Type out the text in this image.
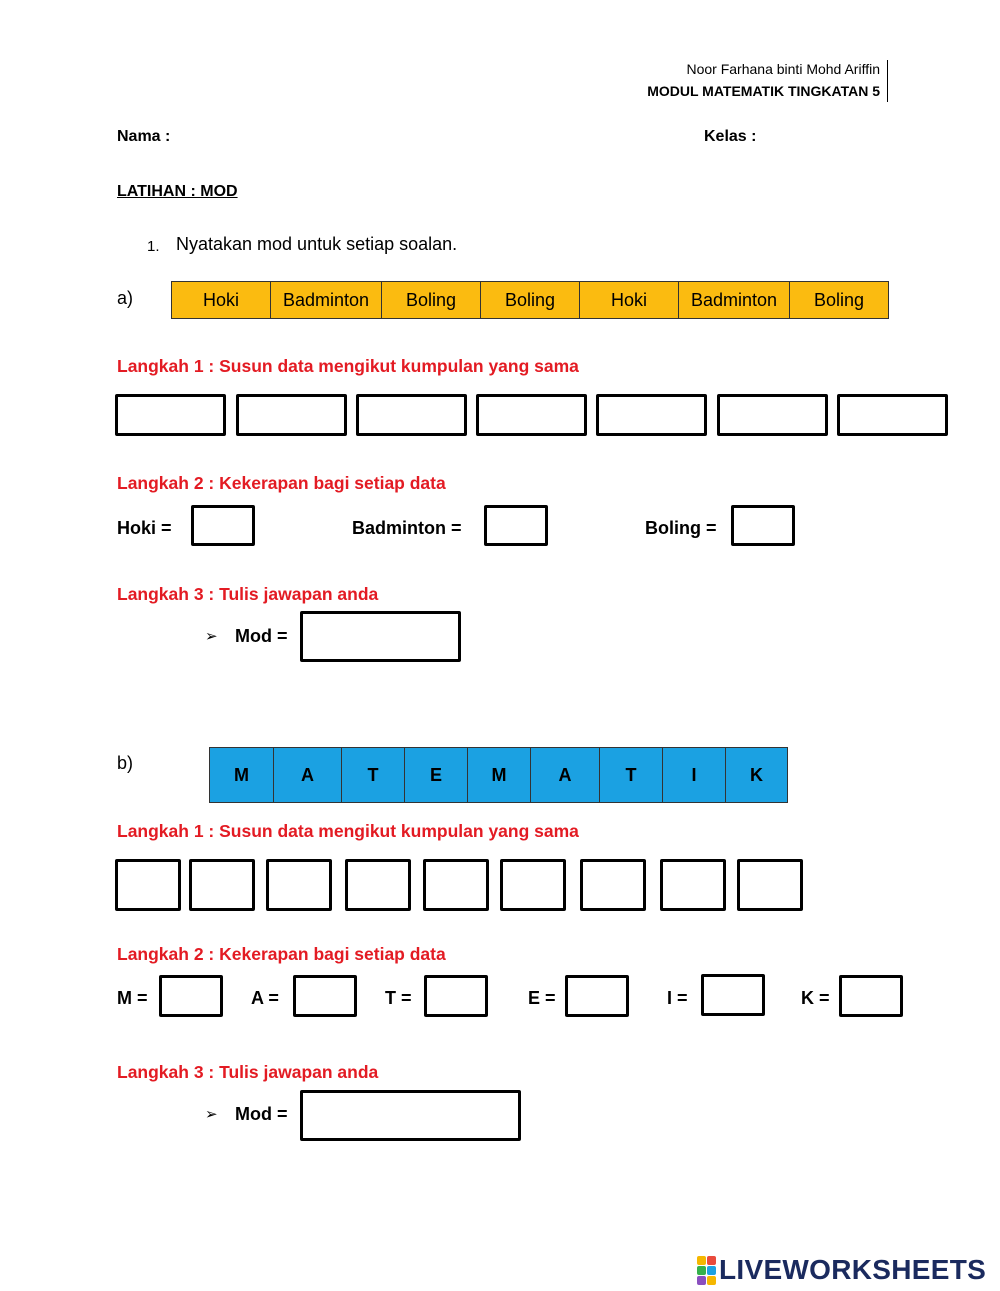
Noor Farhana binti Mohd Ariffin
MODUL MATEMATIK TINGKATAN 5
Nama :	Kelas :
LATIHAN : MOD
1. Nyatakan mod untuk setiap soalan.
a)	Hoki	Badminton	Boling	Boling	Hoki	Badminton	Boling
Langkah 1 : Susun data mengikut kumpulan yang sama
Langkah 2 : Kekerapan bagi setiap data
Hoki =	Badminton =	Boling =
Langkah 3 : Tulis jawapan anda
➢ Mod =
b)
M	A	T	E	M	A	T	I	K
Langkah 1 : Susun data mengikut kumpulan yang sama
Langkah 2 : Kekerapan bagi setiap data
M =	A =	T =	E =	I =	K =
Langkah 3 : Tulis jawapan anda
➢ Mod =
LIVEWORKSHEETS
